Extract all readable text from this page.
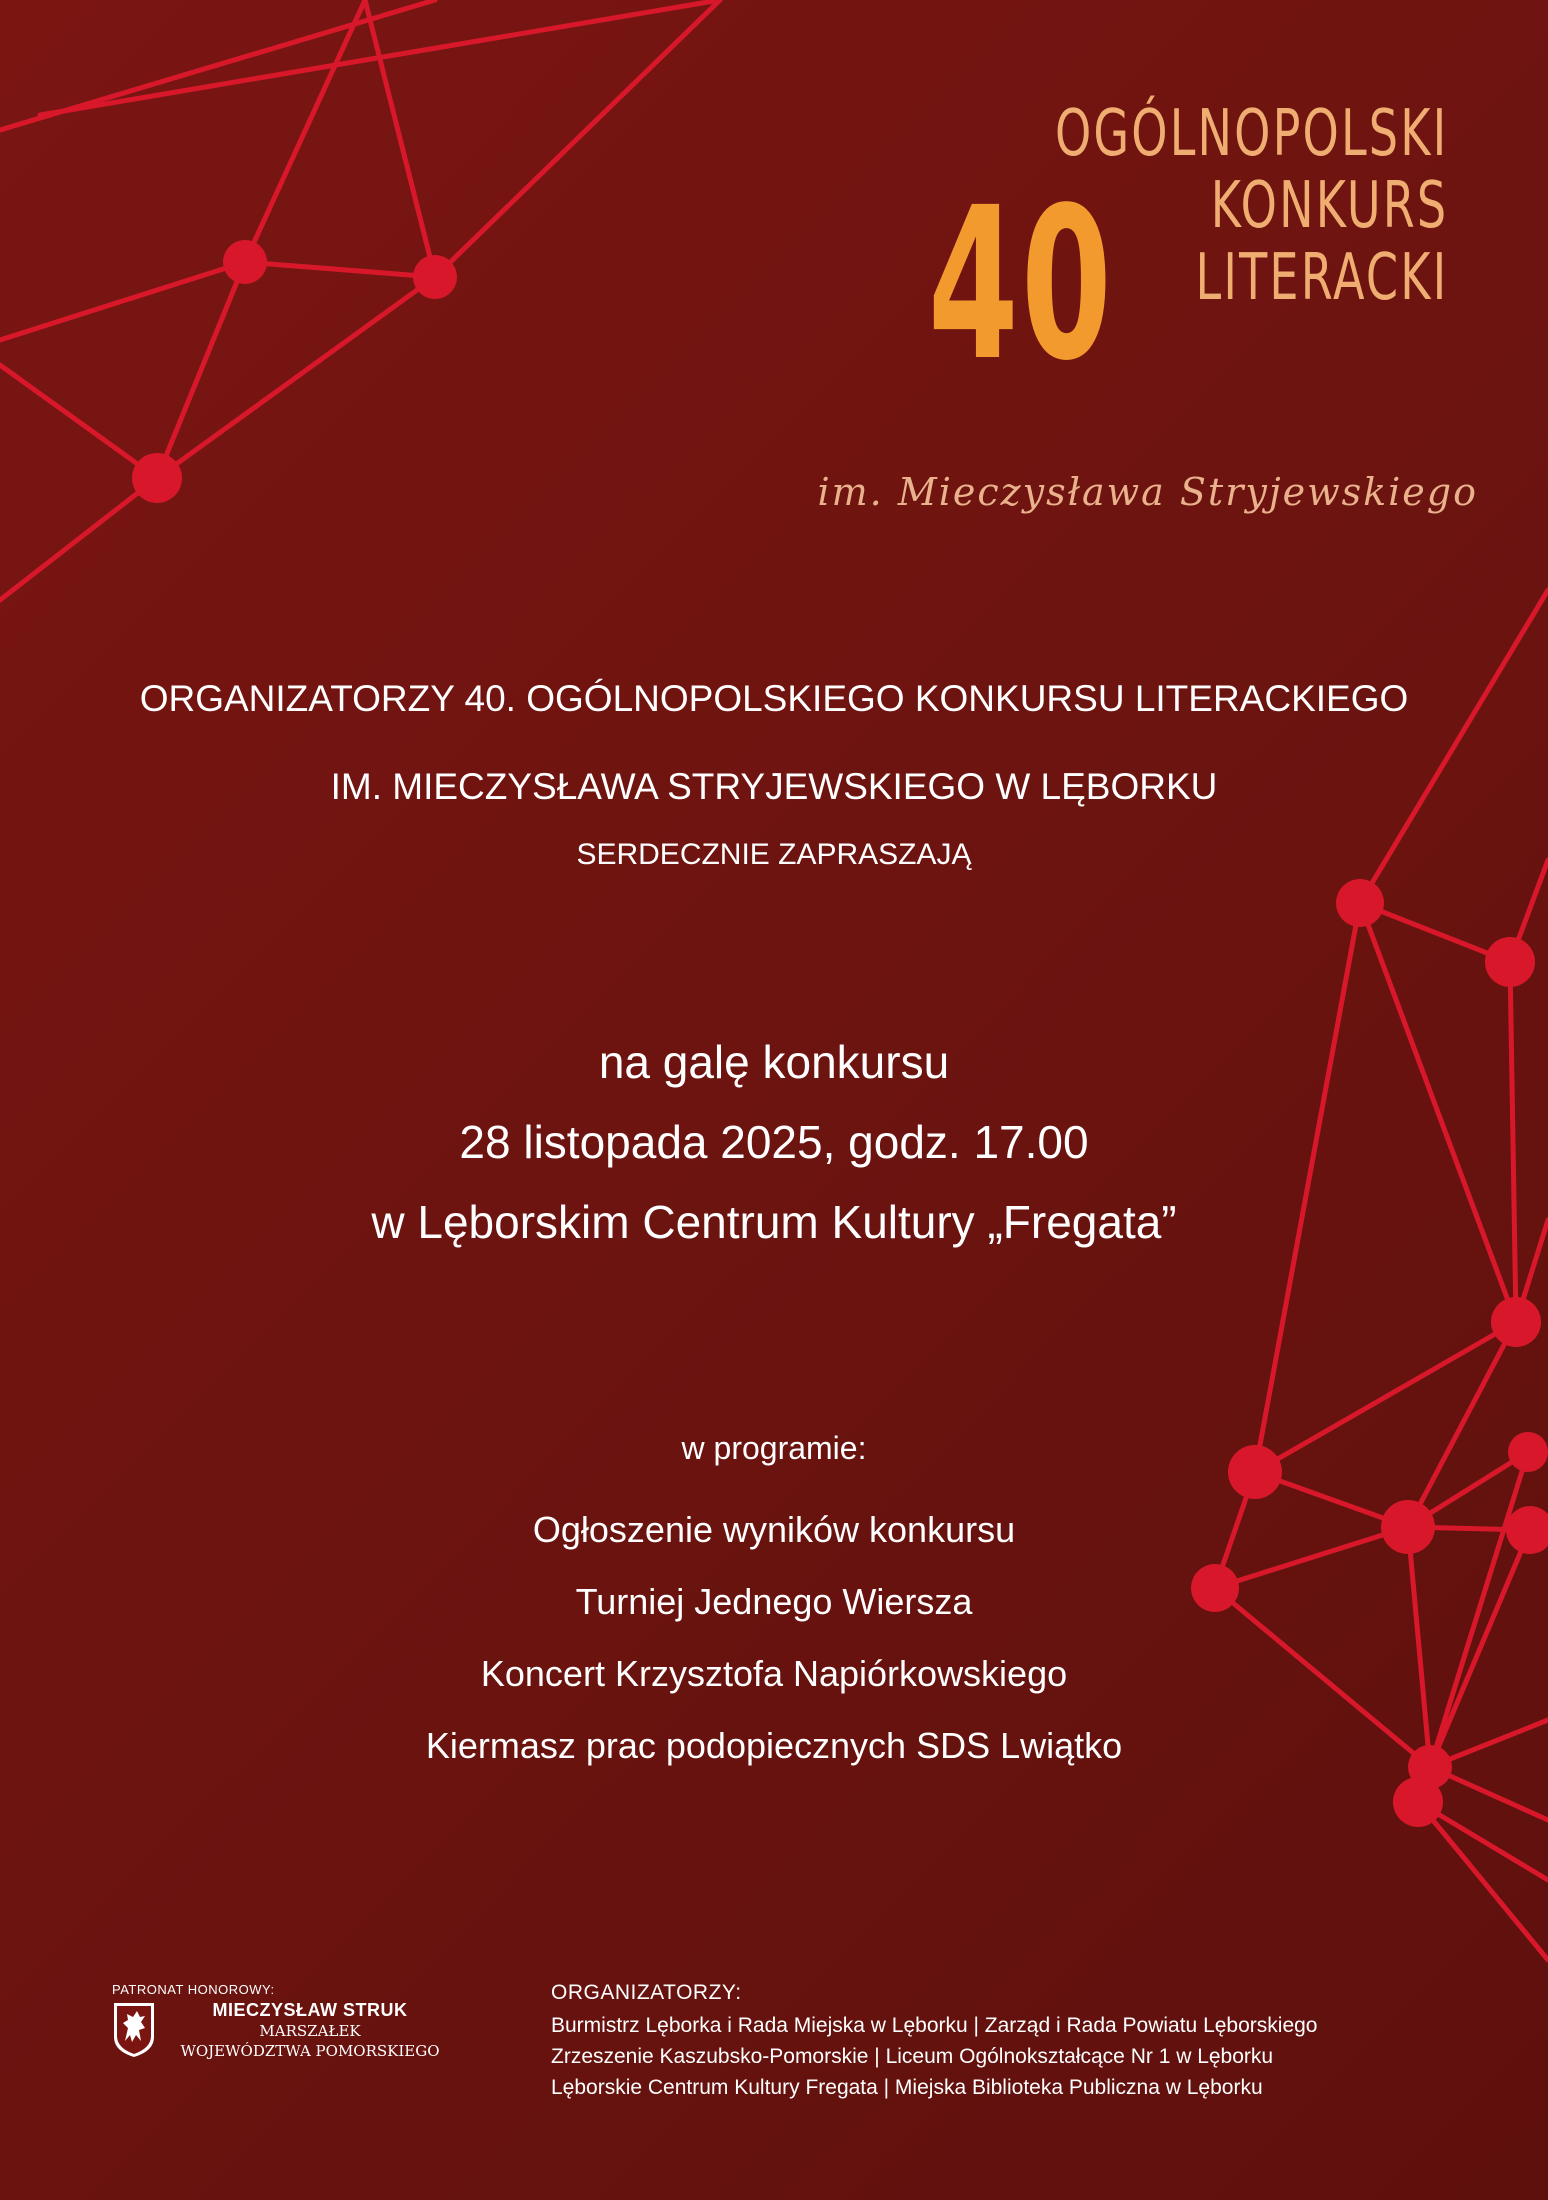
40
OGÓLNOPOLSKI
KONKURS
LITERACKI
im. Mieczysława Stryjewskiego
ORGANIZATORZY 40. OGÓLNOPOLSKIEGO KONKURSU LITERACKIEGO
IM. MIECZYSŁAWA STRYJEWSKIEGO W LĘBORKU
SERDECZNIE ZAPRASZAJĄ
na galę konkursu
28 listopada 2025, godz. 17.00
w Lęborskim Centrum Kultury „Fregata”
w programie:
Ogłoszenie wyników konkursu
Turniej Jednego Wiersza
Koncert Krzysztofa Napiórkowskiego
Kiermasz prac podopiecznych SDS Lwiątko
PATRONAT HONOROWY:
MIECZYSŁAW STRUK
MARSZAŁEK
WOJEWÓDZTWA POMORSKIEGO
ORGANIZATORZY:
Burmistrz Lęborka i Rada Miejska w Lęborku | Zarząd i Rada Powiatu Lęborskiego
Zrzeszenie Kaszubsko-Pomorskie | Liceum Ogólnokształcące Nr 1 w Lęborku
Lęborskie Centrum Kultury Fregata | Miejska Biblioteka Publiczna w Lęborku
